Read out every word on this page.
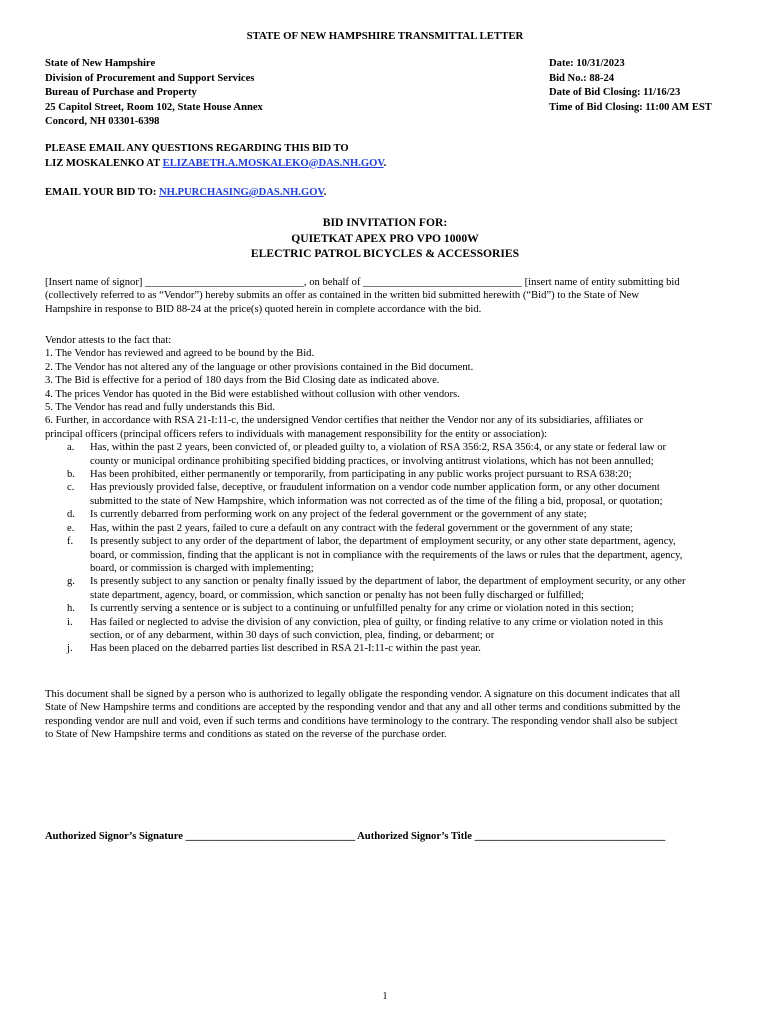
STATE OF NEW HAMPSHIRE TRANSMITTAL LETTER
State of New Hampshire
Division of Procurement and Support Services
Bureau of Purchase and Property
25 Capitol Street, Room 102, State House Annex
Concord, NH 03301-6398
Date: 10/31/2023
Bid No.: 88-24
Date of Bid Closing: 11/16/23
Time of Bid Closing: 11:00 AM EST
PLEASE EMAIL ANY QUESTIONS REGARDING THIS BID TO
LIZ MOSKALENKO AT ELIZABETH.A.MOSKALEKO@DAS.NH.GOV.
EMAIL YOUR BID TO: NH.PURCHASING@DAS.NH.GOV.
BID INVITATION FOR:
QUIETKAT APEX PRO VPO 1000W
ELECTRIC PATROL BICYCLES & ACCESSORIES
[Insert name of signor] ______________________________, on behalf of ______________________________ [insert name of entity submitting bid
(collectively referred to as “Vendor”) hereby submits an offer as contained in the written bid submitted herewith (“Bid”) to the State of New
Hampshire in response to BID 88-24 at the price(s) quoted herein in complete accordance with the bid.
Vendor attests to the fact that:
1. The Vendor has reviewed and agreed to be bound by the Bid.
2. The Vendor has not altered any of the language or other provisions contained in the Bid document.
3. The Bid is effective for a period of 180 days from the Bid Closing date as indicated above.
4. The prices Vendor has quoted in the Bid were established without collusion with other vendors.
5. The Vendor has read and fully understands this Bid.
6. Further, in accordance with RSA 21-I:11-c, the undersigned Vendor certifies that neither the Vendor nor any of its subsidiaries, affiliates or
principal officers (principal officers refers to individuals with management responsibility for the entity or association):
a. Has, within the past 2 years, been convicted of, or pleaded guilty to, a violation of RSA 356:2, RSA 356:4, or any state or federal law or
county or municipal ordinance prohibiting specified bidding practices, or involving antitrust violations, which has not been annulled;
b. Has been prohibited, either permanently or temporarily, from participating in any public works project pursuant to RSA 638:20;
c. Has previously provided false, deceptive, or fraudulent information on a vendor code number application form, or any other document
submitted to the state of New Hampshire, which information was not corrected as of the time of the filing a bid, proposal, or quotation;
d. Is currently debarred from performing work on any project of the federal government or the government of any state;
e. Has, within the past 2 years, failed to cure a default on any contract with the federal government or the government of any state;
f. Is presently subject to any order of the department of labor, the department of employment security, or any other state department, agency,
board, or commission, finding that the applicant is not in compliance with the requirements of the laws or rules that the department, agency,
board, or commission is charged with implementing;
g. Is presently subject to any sanction or penalty finally issued by the department of labor, the department of employment security, or any other
state department, agency, board, or commission, which sanction or penalty has not been fully discharged or fulfilled;
h. Is currently serving a sentence or is subject to a continuing or unfulfilled penalty for any crime or violation noted in this section;
i. Has failed or neglected to advise the division of any conviction, plea of guilty, or finding relative to any crime or violation noted in this
section, or of any debarment, within 30 days of such conviction, plea, finding, or debarment; or
j. Has been placed on the debarred parties list described in RSA 21-I:11-c within the past year.
This document shall be signed by a person who is authorized to legally obligate the responding vendor. A signature on this document indicates that all
State of New Hampshire terms and conditions are accepted by the responding vendor and that any and all other terms and conditions submitted by the
responding vendor are null and void, even if such terms and conditions have terminology to the contrary. The responding vendor shall also be subject
to State of New Hampshire terms and conditions as stated on the reverse of the purchase order.
Authorized Signor’s Signature ________________________________ Authorized Signor’s Title ____________________________________
1
